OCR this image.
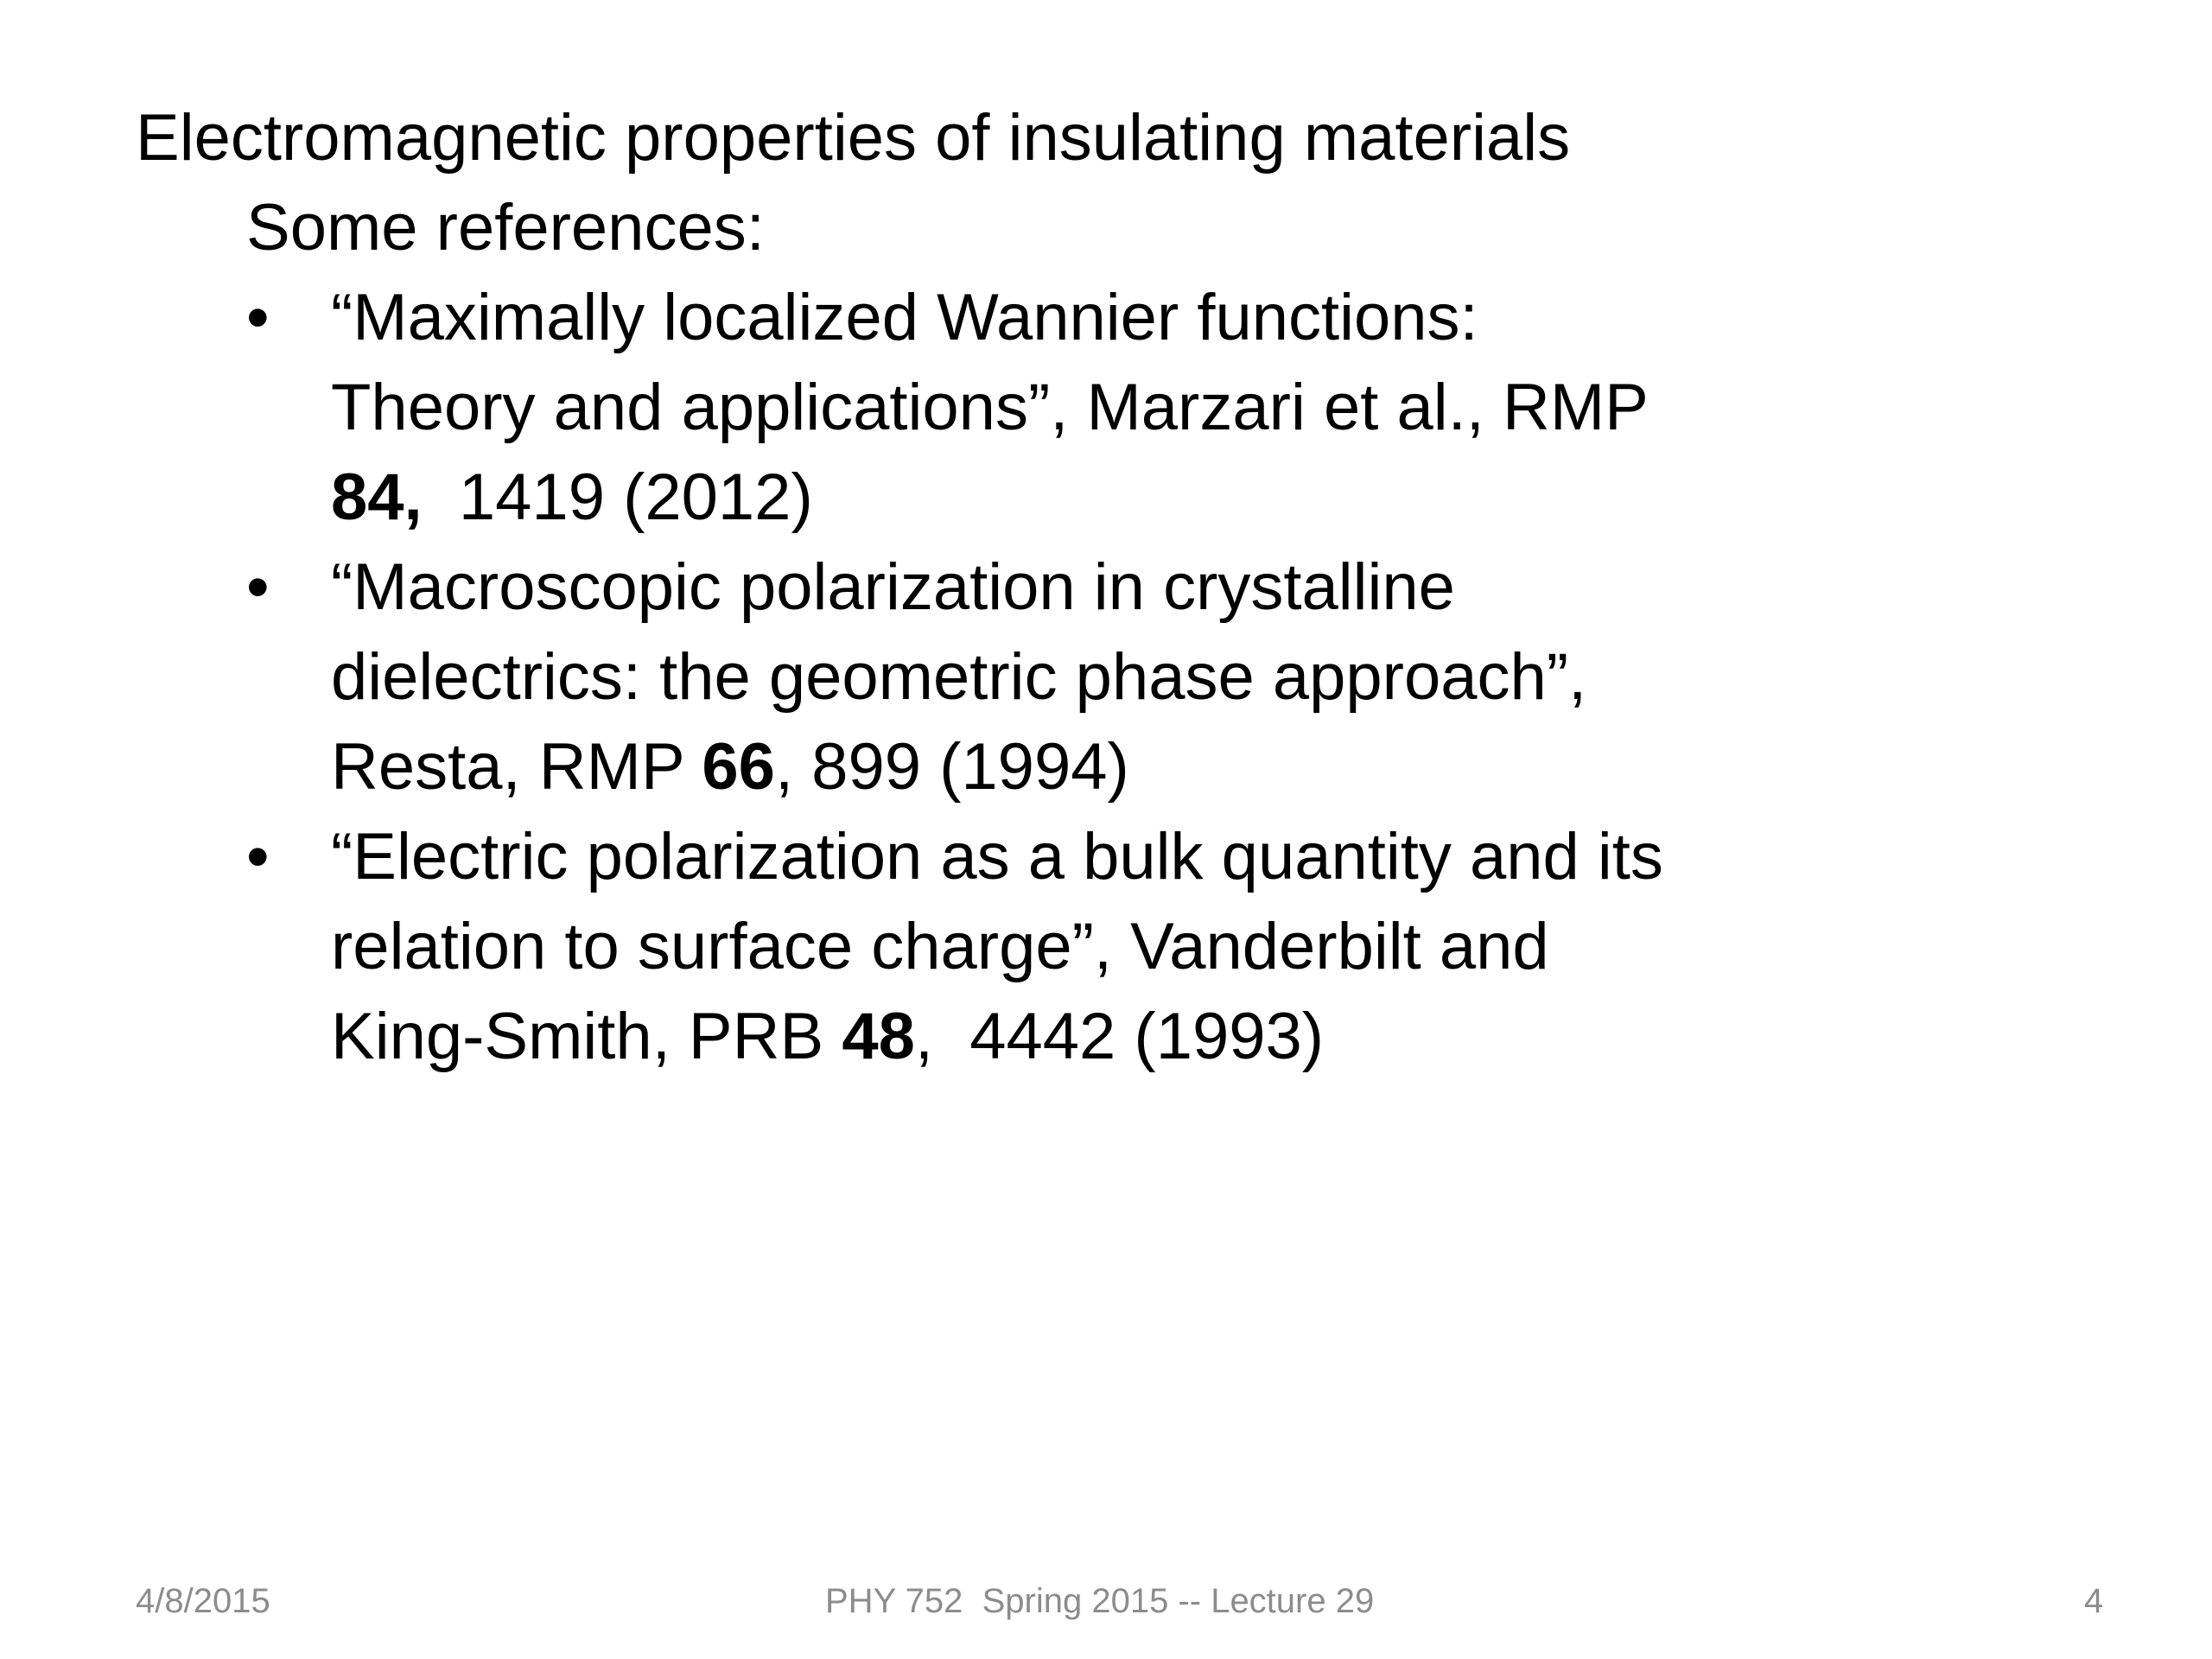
Electromagnetic properties of insulating materials
Some references:
• “Maximally localized Wannier functions:
Theory and applications”, Marzari et al., RMP
84,  1419 (2012)
• “Macroscopic polarization in crystalline
dielectrics: the geometric phase approach”,
Resta, RMP 66, 899 (1994)
• “Electric polarization as a bulk quantity and its
relation to surface charge”, Vanderbilt and
King-Smith, PRB 48,  4442 (1993)
4/8/2015	PHY 752  Spring 2015 -- Lecture 29	4
